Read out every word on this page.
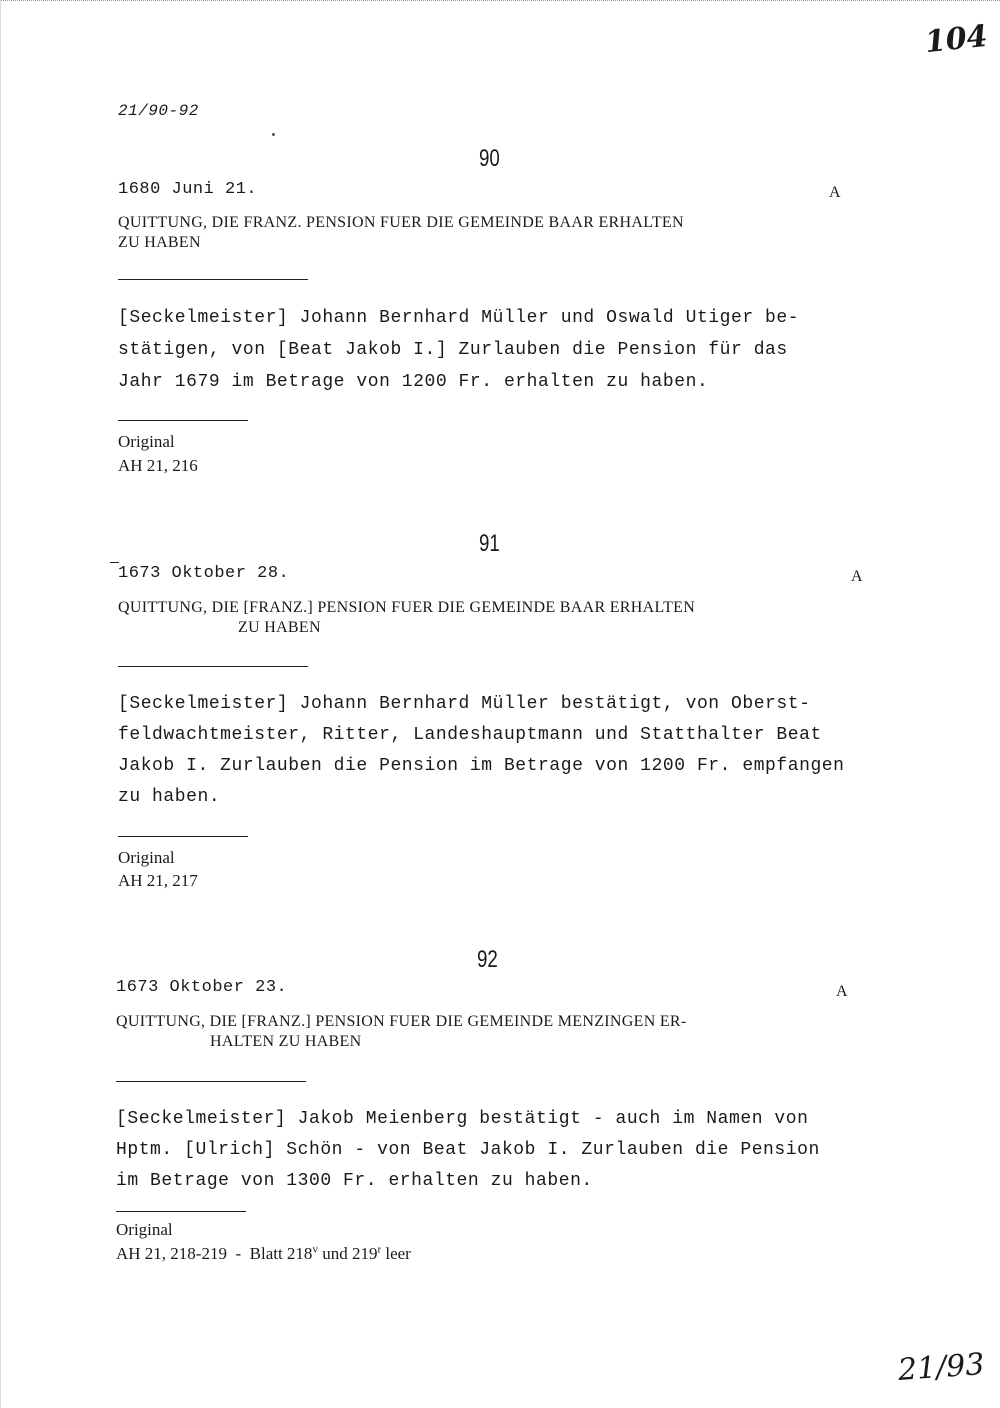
104
21/90-92
90
1680 Juni 21.	A
QUITTUNG, DIE FRANZ. PENSION FUER DIE GEMEINDE BAAR ERHALTEN
ZU HABEN
[Seckelmeister] Johann Bernhard Müller und Oswald Utiger be-
stätigen, von [Beat Jakob I.] Zurlauben die Pension für das
Jahr 1679 im Betrage von 1200 Fr. erhalten zu haben.
Original
AH 21, 216
91
1673 Oktober 28.	A
QUITTUNG, DIE [FRANZ.] PENSION FUER DIE GEMEINDE BAAR ERHALTEN
ZU HABEN
[Seckelmeister] Johann Bernhard Müller bestätigt, von Oberst-
feldwachtmeister, Ritter, Landeshauptmann und Statthalter Beat
Jakob I. Zurlauben die Pension im Betrage von 1200 Fr. empfangen
zu haben.
Original
AH 21, 217
92
1673 Oktober 23.	A
QUITTUNG, DIE [FRANZ.] PENSION FUER DIE GEMEINDE MENZINGEN ER-
HALTEN ZU HABEN
[Seckelmeister] Jakob Meienberg bestätigt - auch im Namen von
Hptm. [Ulrich] Schön - von Beat Jakob I. Zurlauben die Pension
im Betrage von 1300 Fr. erhalten zu haben.
Original
AH 21, 218-219  -  Blatt 218$^v$ und 219$^r$ leer
21/93
